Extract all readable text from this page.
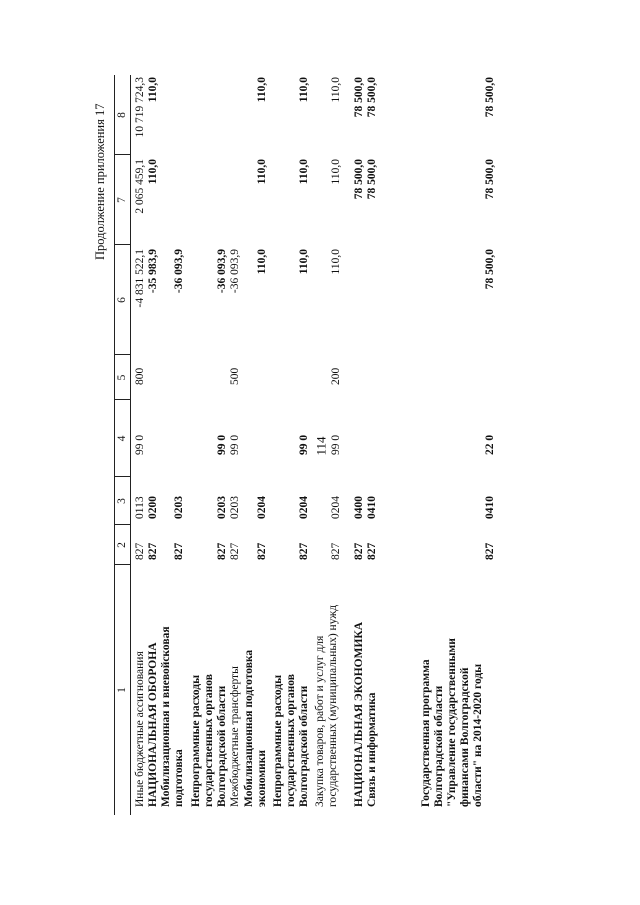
114
Продолжение приложения 17
1
2
3
4
5
6
7
8
Иные бюджетные ассигнования
827
0113
99 0
800
-4 831 522,1
2 065 459,1
10 719 724,3
НАЦИОНАЛЬНАЯ ОБОРОНА
827
0200
-35 983,9
110,0
110,0
Мобилизационная и вневойсковая подготовка
827
0203
-36 093,9
Непрограммные расходы государственных органов Волгоградской области
827
0203
99 0
-36 093,9
Межбюджетные трансферты
827
0203
99 0
500
-36 093,9
Мобилизационная подготовка экономики
827
0204
110,0
110,0
110,0
Непрограммные расходы государственных органов Волгоградской области
827
0204
99 0
110,0
110,0
110,0
Закупка товаров, работ и услуг для государственных (муниципальных) нужд
827
0204
99 0
200
110,0
110,0
110,0
НАЦИОНАЛЬНАЯ ЭКОНОМИКА
827
0400
78 500,0
78 500,0
Связь и информатика
827
0410
78 500,0
78 500,0
Государственная программа Волгоградской области "Управление государственными финансами Волгоградской области" на 2014-2020 годы
827
0410
22 0
78 500,0
78 500,0
78 500,0
